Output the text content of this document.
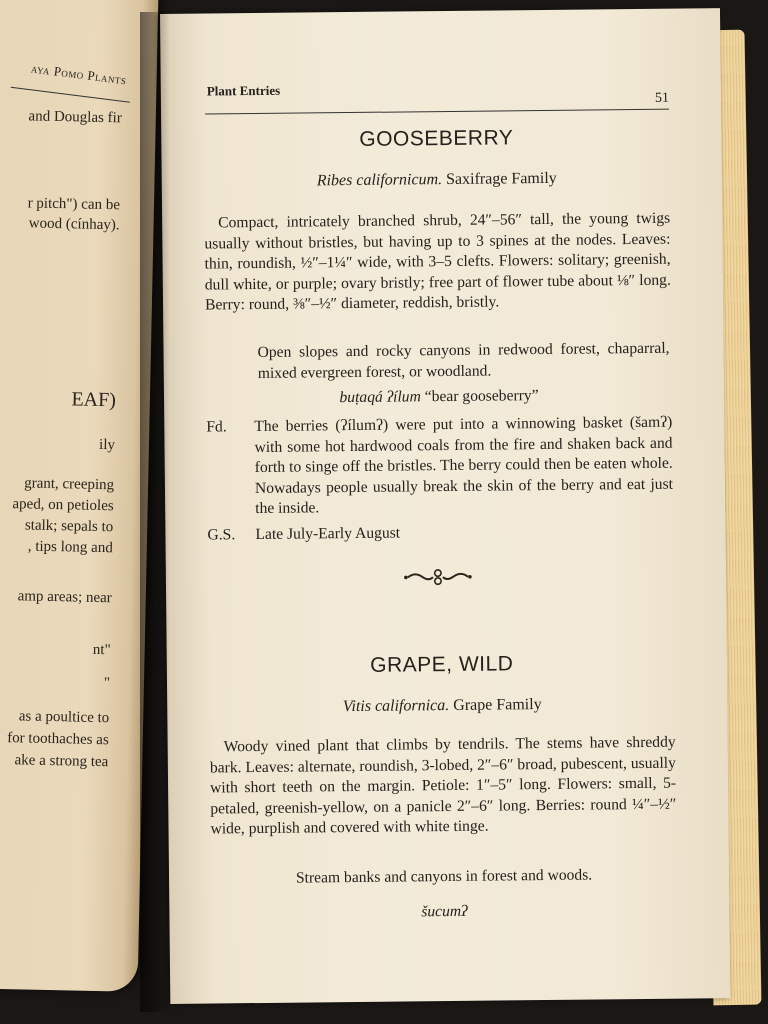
aya Pomo Plants
and Douglas fir
r pitch") can be
wood (cínhay).
EAF)
ily
grant, creeping
aped, on petioles
stalk; sepals to
, tips long and
amp areas; near
nt"
"
as a poultice to
for toothaches as
ake a strong tea
Plant Entries	51
GOOSEBERRY
Ribes californicum. Saxifrage Family

Compact, intricately branched shrub, 24″–56″ tall, the young twigs usually without bristles, but having up to 3 spines at the nodes. Leaves: thin, roundish, ½″–1¼″ wide, with 3–5 clefts. Flowers: solitary; greenish, dull white, or purple; ovary bristly; free part of flower tube about ⅛″ long. Berry: round, ⅜″–½″ diameter, reddish, bristly.

Open slopes and rocky canyons in redwood forest, chaparral, mixed evergreen forest, or woodland.

buṭaqá ʔílum “bear gooseberry”
Fd.	The berries (ʔílumʔ) were put into a winnowing basket (šamʔ) with some hot hardwood coals from the fire and shaken back and forth to singe off the bristles. The berry could then be eaten whole. Nowadays people usually break the skin of the berry and eat just the inside.

G.S.	Late July-Early August
GRAPE, WILD
Vitis californica. Grape Family

Woody vined plant that climbs by tendrils. The stems have shreddy bark. Leaves: alternate, roundish, 3-lobed, 2″–6″ broad, pubescent, usually with short teeth on the margin. Petiole: 1″–5″ long. Flowers: small, 5-petaled, greenish-yellow, on a panicle 2″–6″ long. Berries: round ¼″–½″ wide, purplish and covered with white tinge.

Stream banks and canyons in forest and woods.
šucumʔ
